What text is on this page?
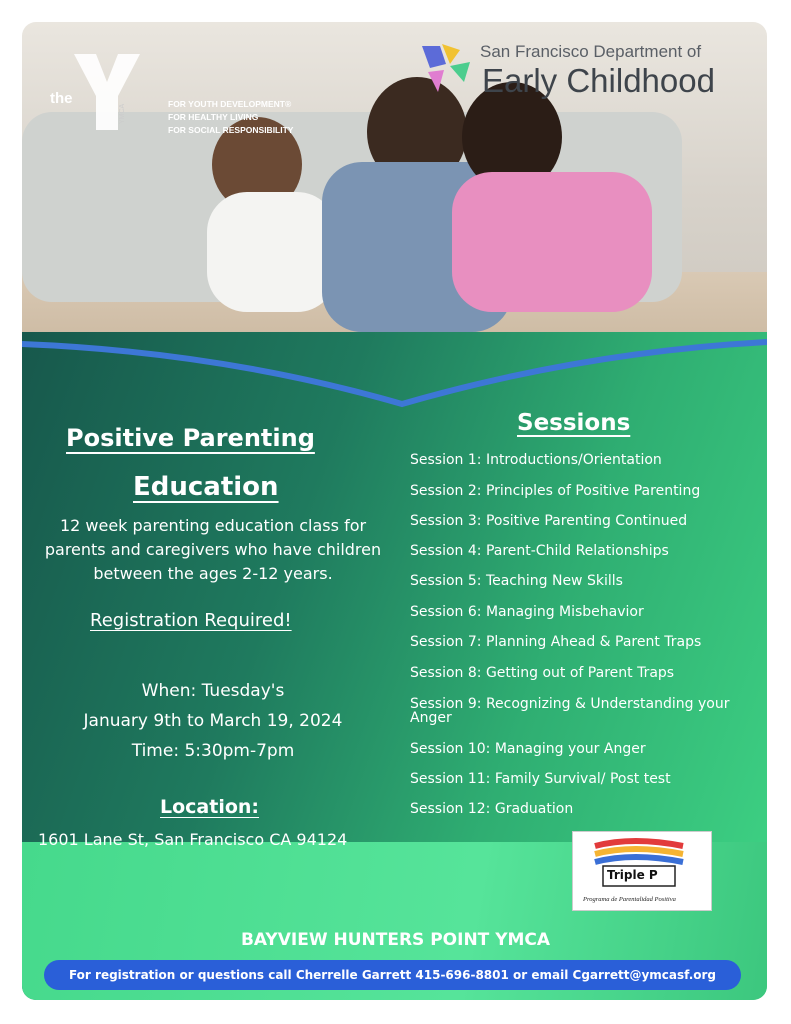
the
YMCA	FOR YOUTH DEVELOPMENT®
FOR HEALTHY LIVING
FOR SOCIAL RESPONSIBILITY
San Francisco Department of
Early Childhood
Positive Parenting
Education
12 week parenting education class for parents and caregivers who have children between the ages 2-12 years.
Registration Required!
When: Tuesday's
January 9th to March 19, 2024
Time: 5:30pm-7pm
Location:
1601 Lane St, San Francisco CA 94124
Sessions
Session 1: Introductions/Orientation
Session 2: Principles of Positive Parenting
Session 3: Positive Parenting Continued
Session 4: Parent-Child Relationships
Session 5: Teaching New Skills
Session 6: Managing Misbehavior
Session 7: Planning Ahead & Parent Traps
Session 8: Getting out of Parent Traps
Session 9: Recognizing & Understanding your Anger
Session 10: Managing your Anger
Session 11: Family Survival/ Post test
Session 12: Graduation
Triple P
Programa de Parentalidad Positiva
BAYVIEW HUNTERS POINT YMCA
For registration or questions call Cherrelle Garrett 415-696-8801 or email Cgarrett@ymcasf.org
